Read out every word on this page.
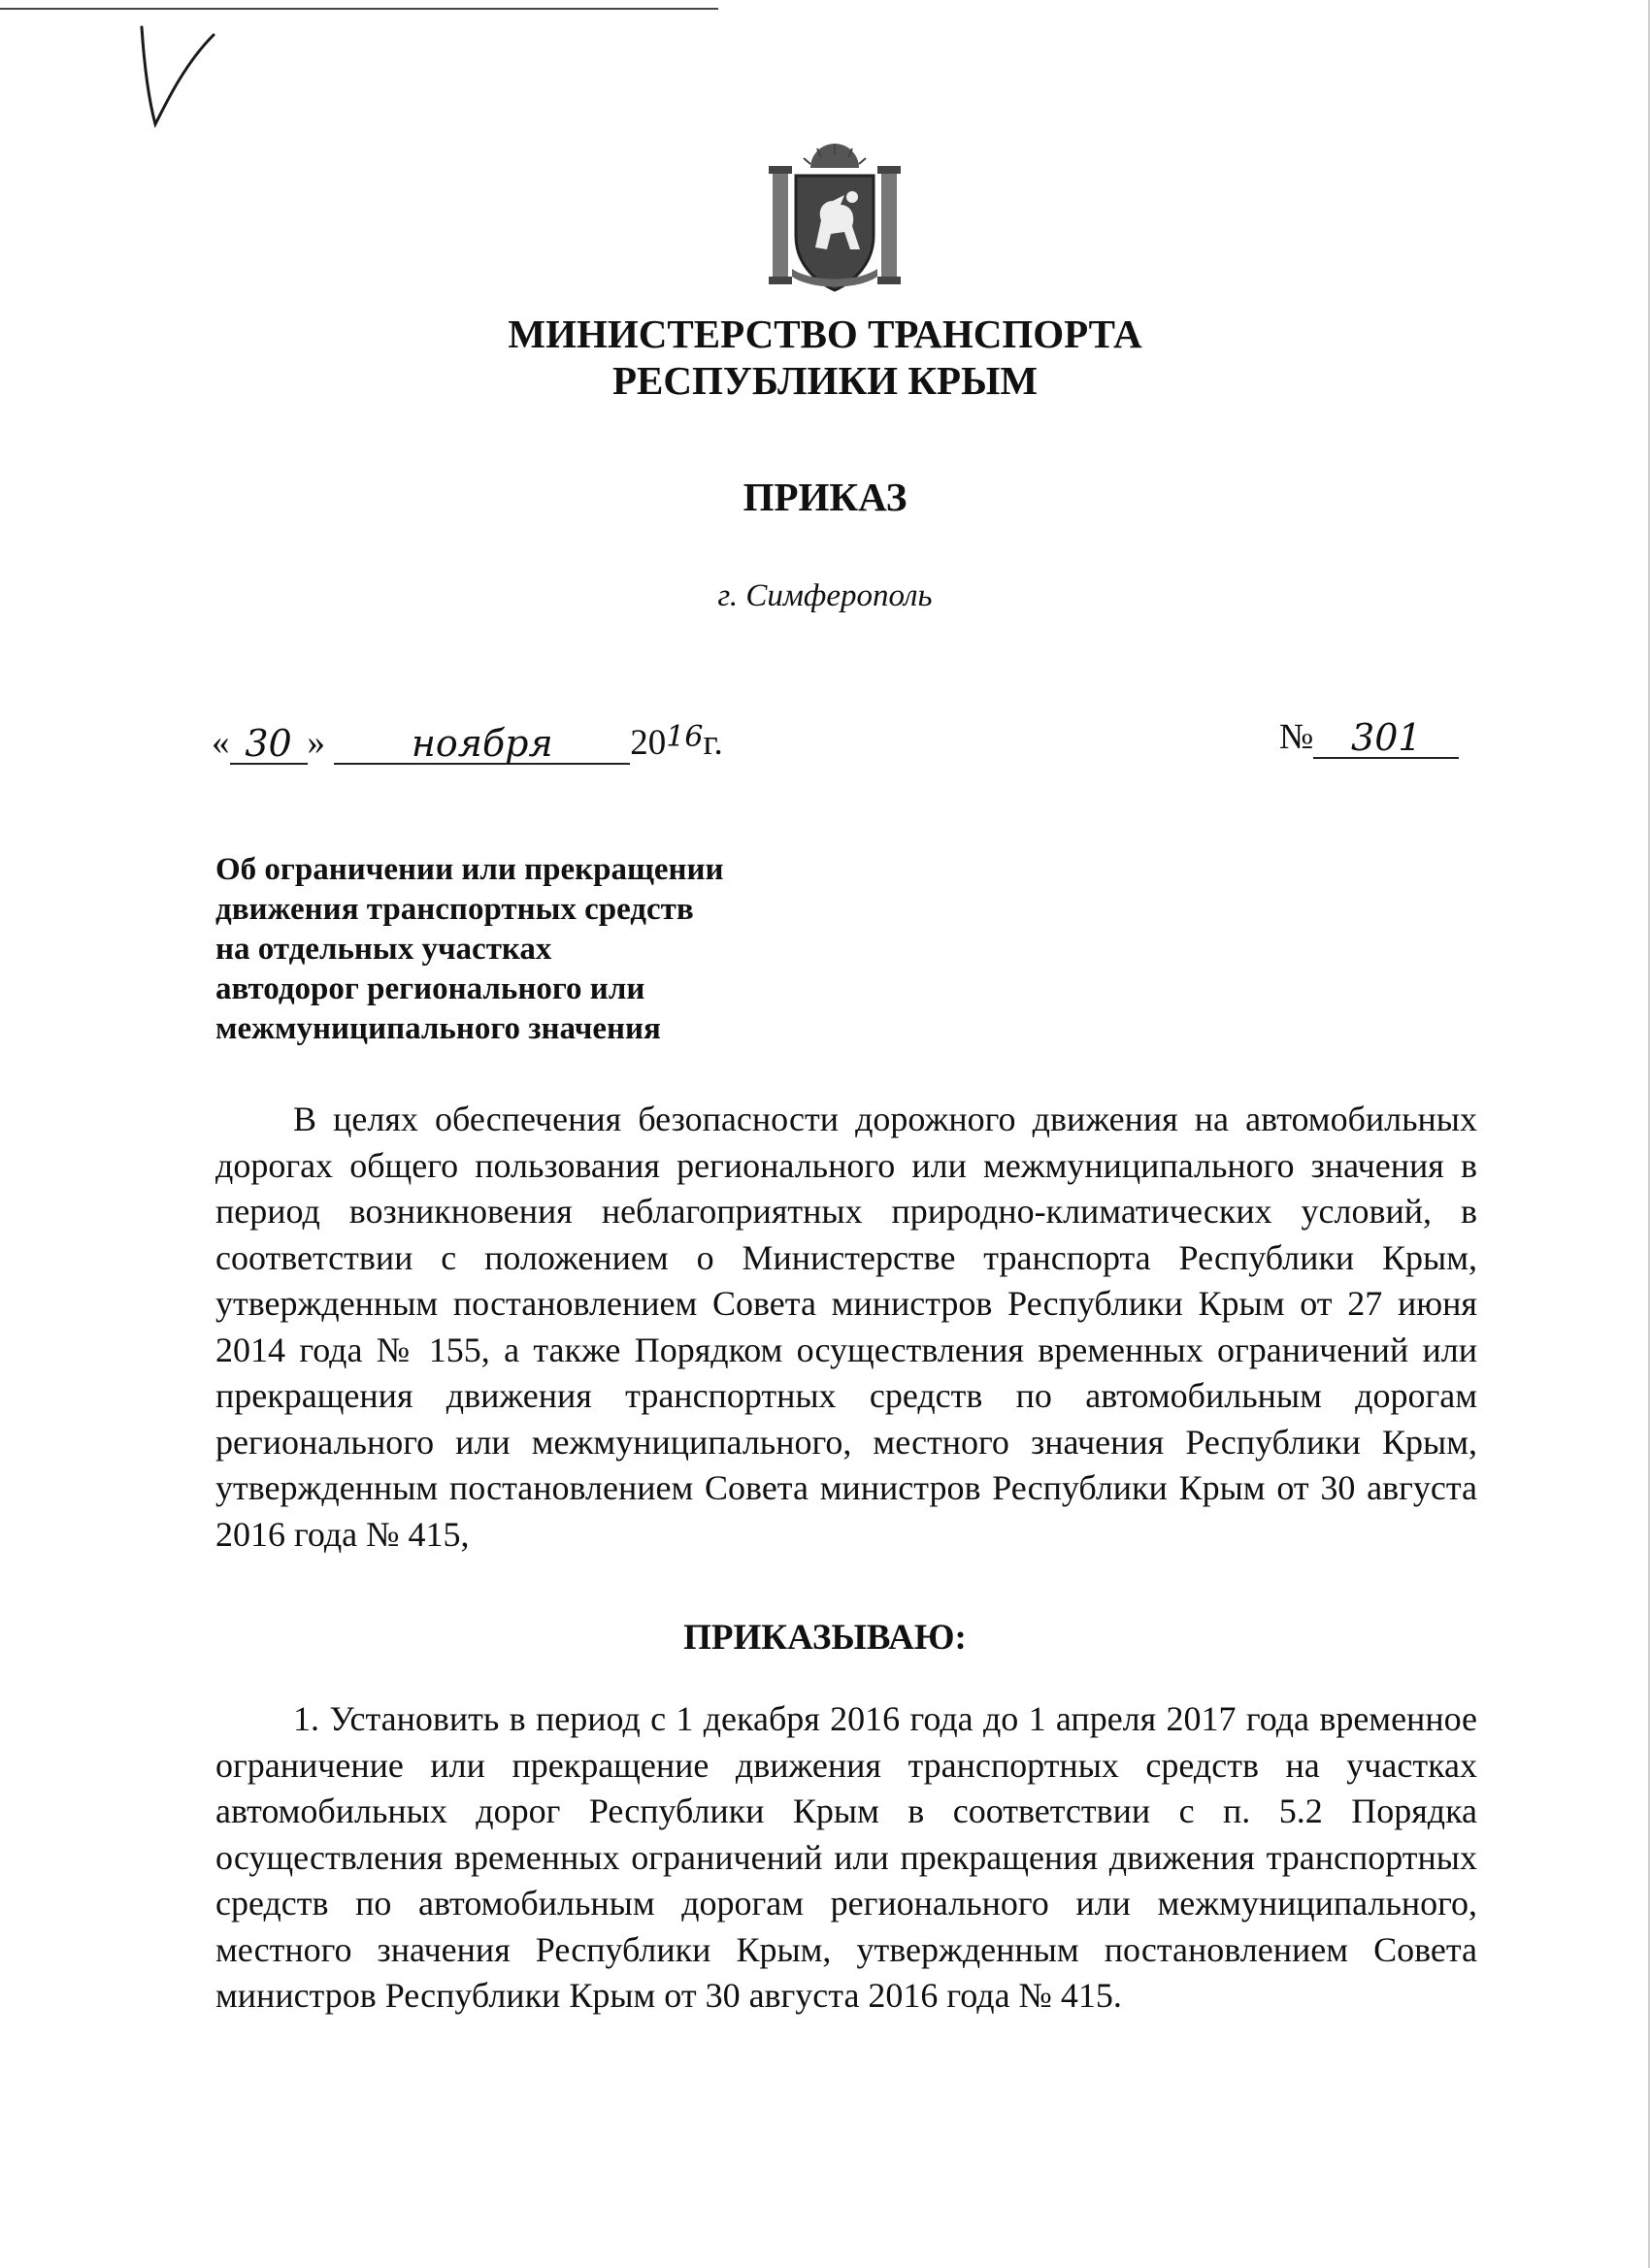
МИНИСТЕРСТВО ТРАНСПОРТА
РЕСПУБЛИКИ КРЫМ
ПРИКАЗ
г. Симферополь
« 30 » ноября $20^{16}г$.	№ 301
Об ограничении или прекращении
движения транспортных средств
на отдельных участках
автодорог регионального или
межмуниципального значения

В целях обеспечения безопасности дорожного движения на автомобильных дорогах общего пользования регионального или межмуниципального значения в период возникновения неблагоприятных природно-климатических условий, в соответствии с положением о Министерстве транспорта Республики Крым, утвержденным постановлением Совета министров Республики Крым от 27 июня 2014 года № 155, а также Порядком осуществления временных ограничений или прекращения движения транспортных средств по автомобильным дорогам регионального или межмуниципального, местного значения Республики Крым, утвержденным постановлением Совета министров Республики Крым от 30 августа 2016 года № 415,

ПРИКАЗЫВАЮ:

1. Установить в период с 1 декабря 2016 года до 1 апреля 2017 года временное ограничение или прекращение движения транспортных средств на участках автомобильных дорог Республики Крым в соответствии с п. 5.2 Порядка осуществления временных ограничений или прекращения движения транспортных средств по автомобильным дорогам регионального или межмуниципального, местного значения Республики Крым, утвержденным постановлением Совета министров Республики Крым от 30 августа 2016 года № 415.
